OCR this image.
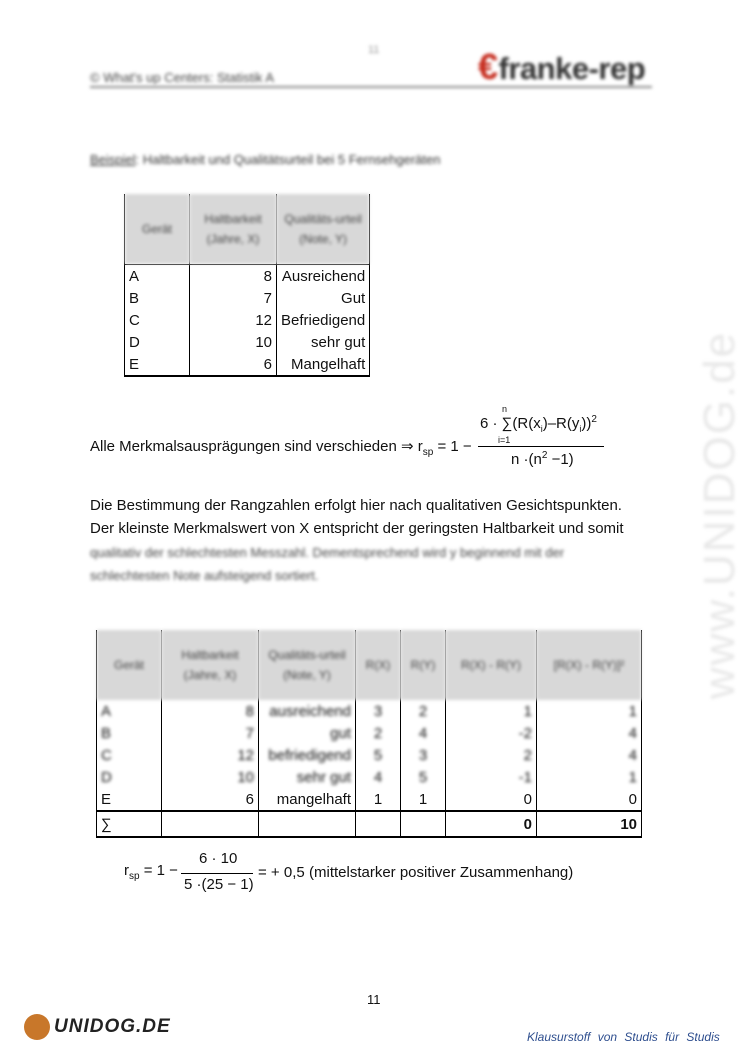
11
© What's up Centers: Statistik A	€franke-rep
www.UNIDOG.de
Beispiel: Haltbarkeit und Qualitätsurteil bei 5 Fernsehgeräten
Gerät	Haltbarkeit (Jahre, X)	Qualitäts-urteil (Note, Y)
A	8	Ausreichend
B	7	Gut
C	12	Befriedigend
D	10	sehr gut
E	6	Mangelhaft
Alle Merkmalsausprägungen sind verschieden ⇒ $r_{sp} = 1$ −
n
$6 \cdot \sum(R(x_i)-R(y_i))^2$
i=1
$n \cdot(n^2 -1)$
Die Bestimmung der Rangzahlen erfolgt hier nach qualitativen Gesichtspunkten.
Der kleinste Merkmalswert von X entspricht der geringsten Haltbarkeit und somit
qualitativ der schlechtesten Messzahl. Dementsprechend wird y beginnend mit der
schlechtesten Note aufsteigend sortiert.
Gerät	Haltbarkeit (Jahre, X)	Qualitäts-urteil (Note, Y)	R(X)	R(Y)	R(X) - R(Y)	[R(X) - R(Y)]²
A	8	ausreichend	3	2	1	1
B	7	gut	2	4	-2	4
C	12	befriedigend	5	3	2	4
D	10	sehr gut	4	5	-1	1
E	6	mangelhaft	1	1	0	0
∑					0	10
$r_{sp} = 1$ −
6 · 10
5 ·(25 − 1)
= + 0,5 (mittelstarker positiver Zusammenhang)
11
UNIDOG.DE	Klausurstoff von Studis für Studis
